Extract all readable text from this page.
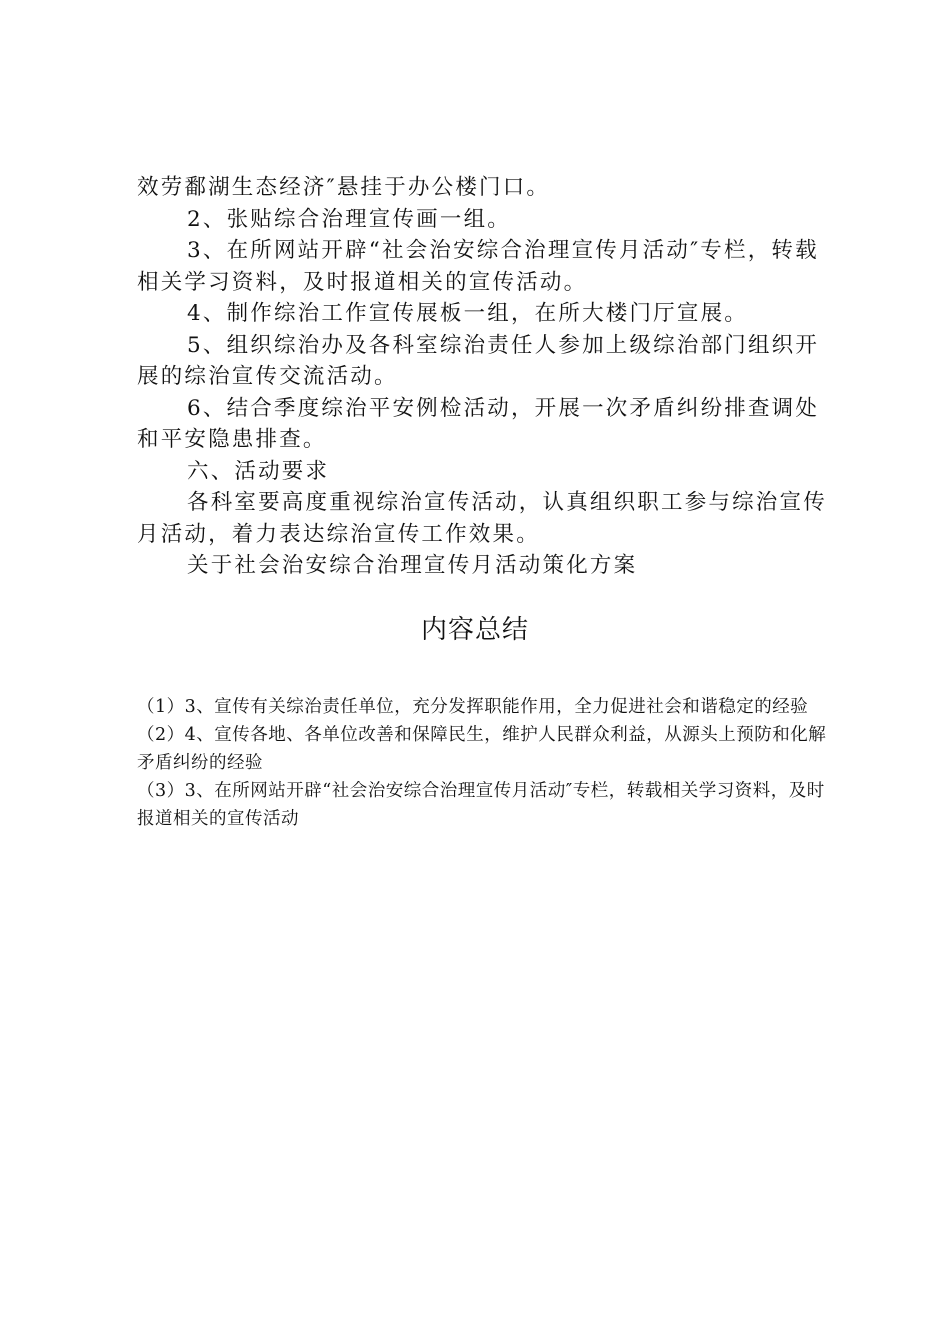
效劳鄱湖生态经济″悬挂于办公楼门口。

2、张贴综合治理宣传画一组。

3、在所网站开辟“社会治安综合治理宣传月活动″专栏，转载相关学习资料，及时报道相关的宣传活动。

4、制作综治工作宣传展板一组，在所大楼门厅宣展。

5、组织综治办及各科室综治责任人参加上级综治部门组织开展的综治宣传交流活动。

6、结合季度综治平安例检活动，开展一次矛盾纠纷排查调处和平安隐患排查。

六、活动要求

各科室要高度重视综治宣传活动，认真组织职工参与综治宣传月活动，着力表达综治宣传工作效果。

关于社会治安综合治理宣传月活动策化方案

内容总结

（1）3、宣传有关综治责任单位，充分发挥职能作用，全力促进社会和谐稳定的经验

（2）4、宣传各地、各单位改善和保障民生，维护人民群众利益，从源头上预防和化解矛盾纠纷的经验

（3）3、在所网站开辟“社会治安综合治理宣传月活动″专栏，转载相关学习资料，及时报道相关的宣传活动
